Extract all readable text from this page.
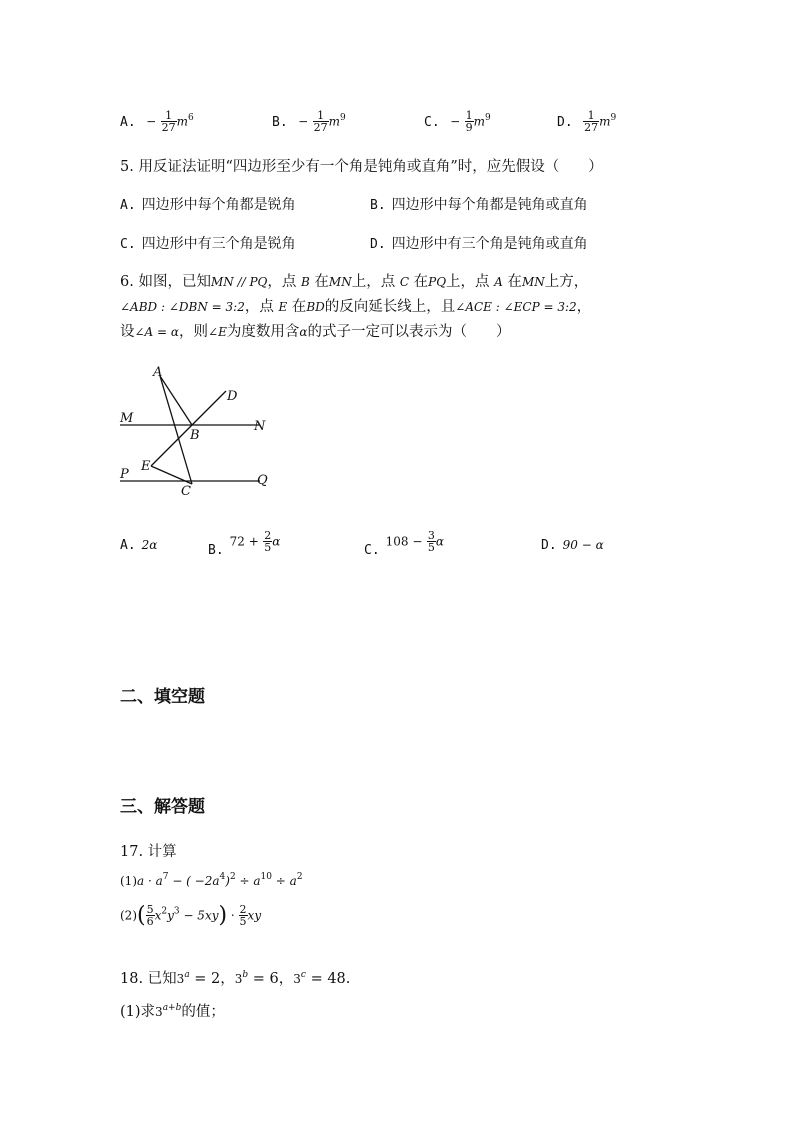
A. − $\frac{1}{27} m^6$	B. − $\frac{1}{27} m^9$	C. − $\frac{1}{9} m^9$	D. $\frac{1}{27} m^9$
5. 用反证法证明“四边形至少有一个角是钝角或直角”时，应先假设（　　）
A. 四边形中每个角都是锐角	B. 四边形中每个角都是钝角或直角
C. 四边形中有三个角是锐角	D. 四边形中有三个角是钝角或直角
6. 如图，已知MN // PQ，点 B 在MN上，点 C 在PQ上，点 A 在MN上方，
∠ABD : ∠DBN = 3:2，点 E 在BD的反向延长线上，且∠ACE : ∠ECP = 3:2，
设∠A = α，则∠E为度数用含α的式子一定可以表示为（　　）
A
D
M
B
N
E
P
C
Q
A. 2α	$B.72 + \frac{2}{5}$ α
$C.108 - \frac{3}{5}$ α	D. 90 − α
二、填空题
三、解答题
17. 计算
$(1)a \cdot a^7$ − ( $-2a^4)^2 \div a^{10} \div a^2$
$(2)( \frac{5}{6} x^2y^3 - 5xy) \cdot \frac{2}{5}$ xy
18. 已知$3^a = 2$，$3^b = 6$，$3^c = 48$.
(1)求$3^{a+b}$的值；
